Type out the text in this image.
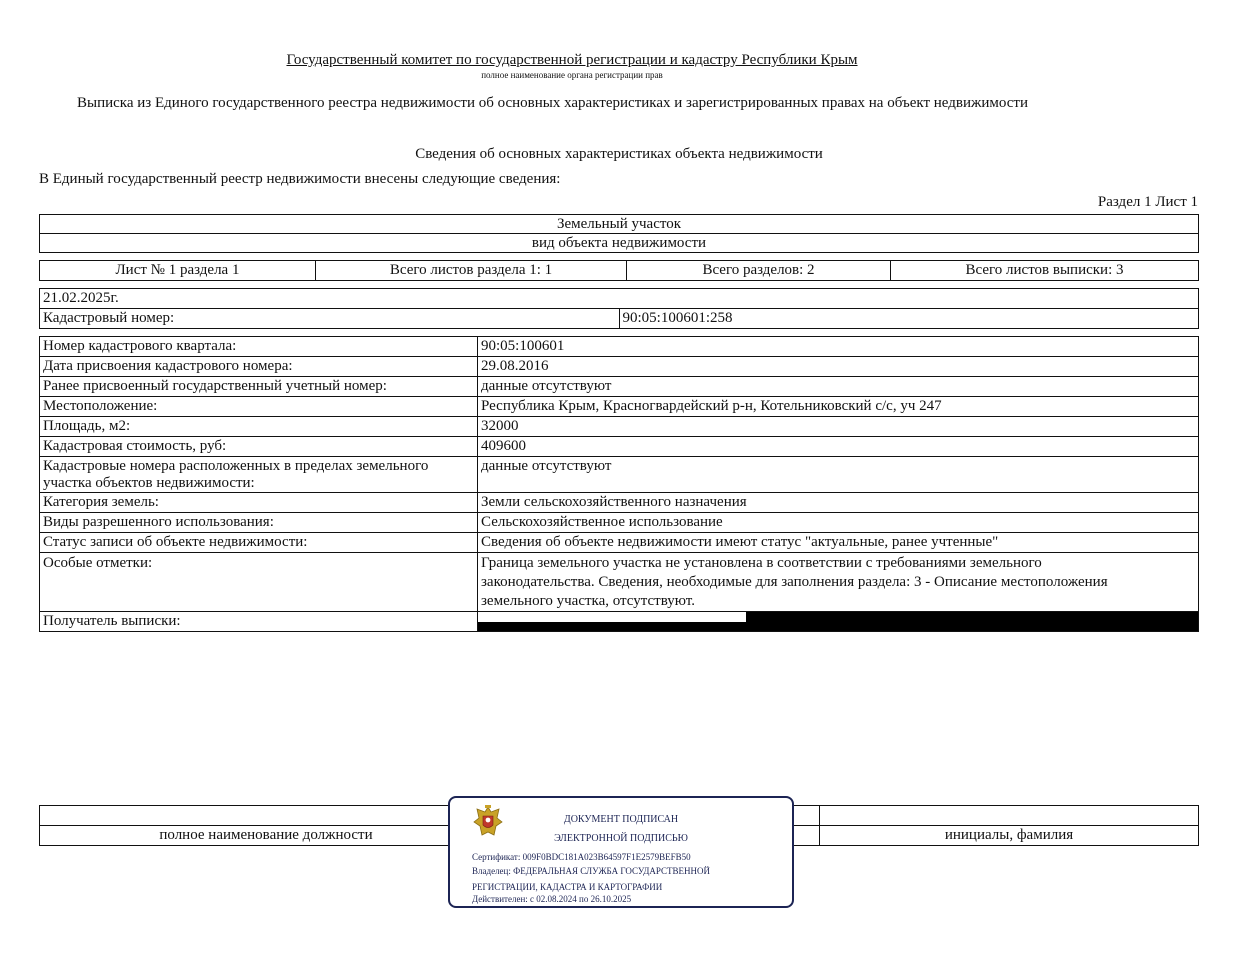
Государственный комитет по государственной регистрации и кадастру Республики Крым
полное наименование органа регистрации прав
Выписка из Единого государственного реестра недвижимости об основных характеристиках и зарегистрированных правах на объект недвижимости
Сведения об основных характеристиках объекта недвижимости
В Единый государственный реестр недвижимости внесены следующие сведения:
Раздел 1 Лист 1
Земельный участок
вид объекта недвижимости
Лист № 1 раздела 1	Всего листов раздела 1: 1	Всего разделов: 2	Всего листов выписки: 3
21.02.2025г.
Кадастровый номер:	90:05:100601:258
Номер кадастрового квартала:	90:05:100601
Дата присвоения кадастрового номера:	29.08.2016
Ранее присвоенный государственный учетный номер:	данные отсутствуют
Местоположение:	Республика Крым, Красногвардейский р-н, Котельниковский с/с, уч 247
Площадь, м2:	32000
Кадастровая стоимость, руб:	409600
Кадастровые номера расположенных в пределах земельного участка объектов недвижимости:	данные отсутствуют
Категория земель:	Земли сельскохозяйственного назначения
Виды разрешенного использования:	Сельскохозяйственное использование
Статус записи об объекте недвижимости:	Сведения об объекте недвижимости имеют статус "актуальные, ранее учтенные"
Особые отметки:	Граница земельного участка не установлена в соответствии с требованиями земельного законодательства. Сведения, необходимые для заполнения раздела: 3 - Описание местоположения земельного участка, отсутствуют.
Получатель выписки:	

полное наименование должности		инициалы, фамилия
ДОКУМЕНТ ПОДПИСАН
ЭЛЕКТРОННОЙ ПОДПИСЬЮ
Сертификат: 009F0BDC181A023B64597F1E2579BEFB50
Владелец: ФЕДЕРАЛЬНАЯ СЛУЖБА ГОСУДАРСТВЕННОЙ
РЕГИСТРАЦИИ, КАДАСТРА И КАРТОГРАФИИ
Действителен: с 02.08.2024 по 26.10.2025
